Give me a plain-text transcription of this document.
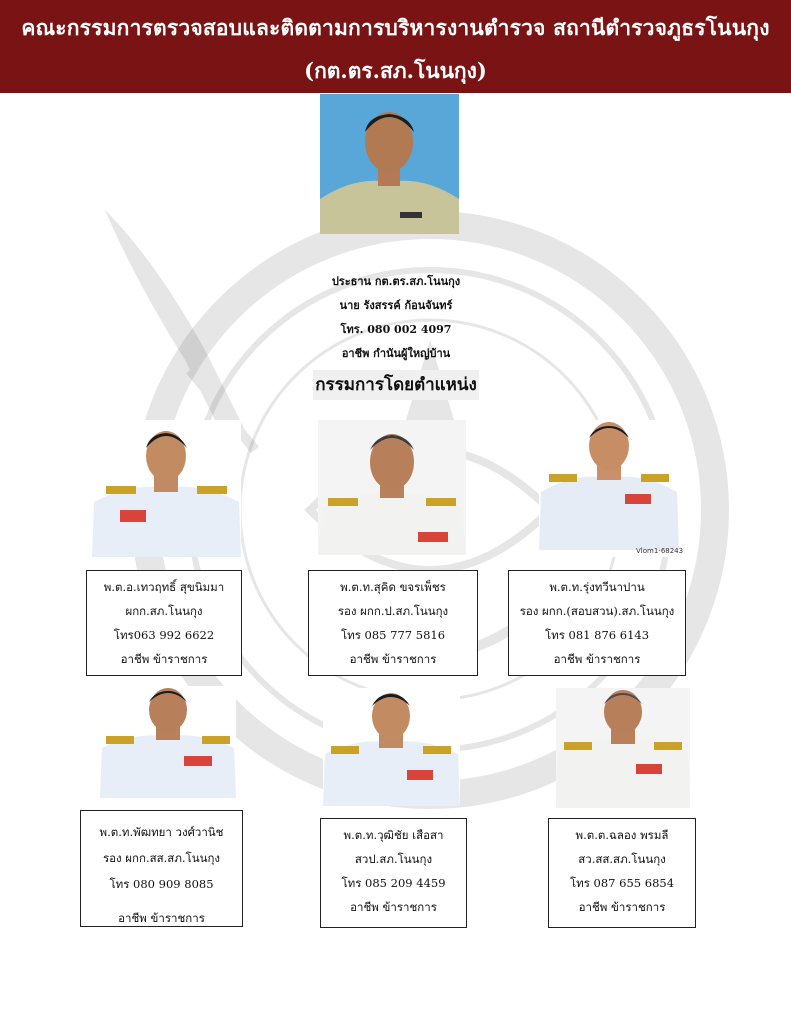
คณะกรรมการตรวจสอบและติดตามการบริหารงานตำรวจ สถานีตำรวจภูธรโนนกุง
(กต.ตร.สภ.โนนกุง)
ประธาน กต.ตร.สภ.โนนกุง
นาย รังสรรค์ ก้อนจันทร์
โทร. 080 002 4097
อาชีพ กำนันผู้ใหญ่บ้าน
กรรมการโดยตำแหน่ง
Vlom1-68243
พ.ต.อ.เทวฤทธิ์ สุขนิมมา
ผกก.สภ.โนนกุง
โทร063 992 6622
อาชีพ ข้าราชการ
พ.ต.ท.สุคิด ขจรเพ็ชร
รอง ผกก.ป.สภ.โนนกุง
โทร 085 777 5816
อาชีพ ข้าราชการ
พ.ต.ท.รุ่งทวีนาปาน
รอง ผกก.(สอบสวน).สภ.โนนกุง
โทร 081 876 6143
อาชีพ ข้าราชการ
พ.ต.ท.พัฒทยา วงศ์วานิช
รอง ผกก.สส.สภ.โนนกุง
โทร 080 909 8085
อาชีพ ข้าราชการ
พ.ต.ท.วุฒิชัย เสือสา
สวป.สภ.โนนกุง
โทร 085 209 4459
อาชีพ ข้าราชการ
พ.ต.ต.ฉลอง พรมลี
สว.สส.สภ.โนนกุง
โทร 087 655 6854
อาชีพ ข้าราชการ
